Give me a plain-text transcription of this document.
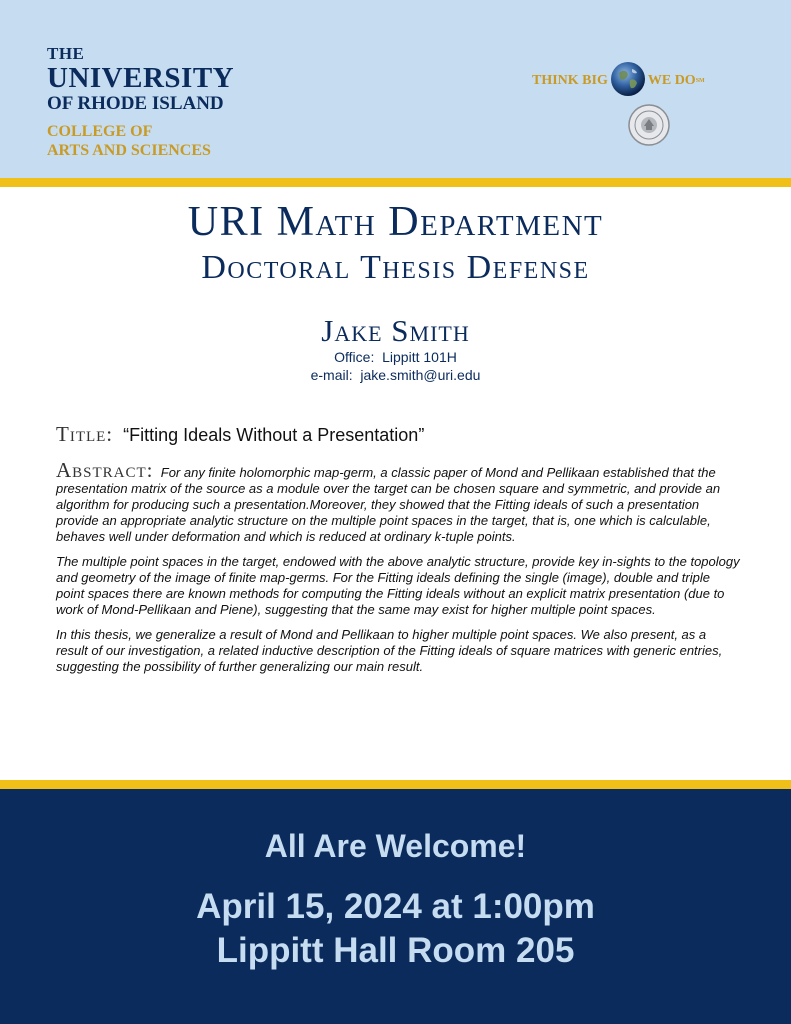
THE
UNIVERSITY
OF RHODE ISLAND
COLLEGE OF
ARTS AND SCIENCES
THINK BIG	WE DO SM
URI Math Department
Doctoral Thesis Defense
Jake Smith
Office: Lippitt 101H
e-mail: jake.smith@uri.edu
Title: “Fitting Ideals Without a Presentation”

Abstract: For any finite holomorphic map-germ, a classic paper of Mond and Pellikaan established that the presentation matrix of the source as a module over the target can be chosen square and symmetric, and provide an algorithm for producing such a presentation.Moreover, they showed that the Fitting ideals of such a presentation provide an appropriate analytic structure on the multiple point spaces in the target, that is, one which is calculable, behaves well under deformation and which is reduced at ordinary k-tuple points.

The multiple point spaces in the target, endowed with the above analytic structure, provide key in-sights to the topology and geometry of the image of finite map-germs. For the Fitting ideals defining the single (image), double and triple point spaces there are known methods for computing the Fitting ideals without an explicit matrix presentation (due to work of Mond-Pellikaan and Piene), suggesting that the same may exist for higher multiple point spaces.

In this thesis, we generalize a result of Mond and Pellikaan to higher multiple point spaces. We also present, as a result of our investigation, a related inductive description of the Fitting ideals of square matrices with generic entries, suggesting the possibility of further generalizing our main result.

All Are Welcome!
April 15, 2024 at 1:00pm
Lippitt Hall Room 205
